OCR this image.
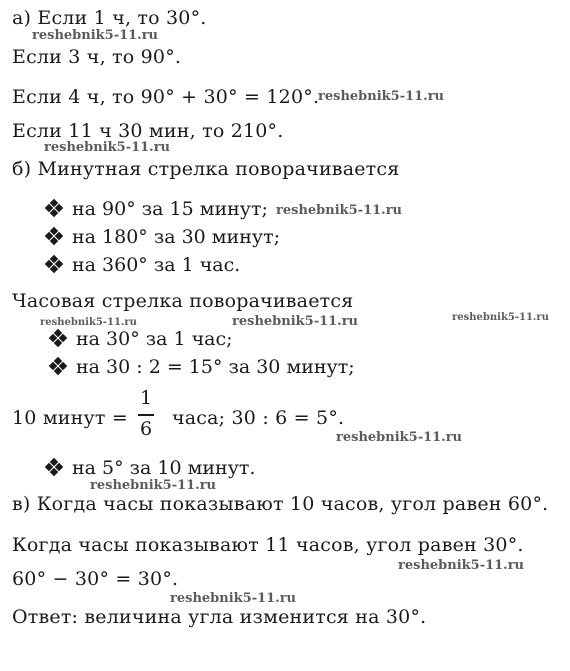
а) Если 1 ч, то 30°.
Если 3 ч, то 90°.
Если 4 ч, то 90° + 30° = 120°.
Если 11 ч 30 мин, то 210°.
б) Минутная стрелка поворачивается
на 90° за 15 минут;
на 180° за 30 минут;
на 360° за 1 час.
Часовая стрелка поворачивается
на 30° за 1 час;
на 30 : 2 = 15° за 30 минут;
10 минут =
1
6 часа; 30 : 6 = 5°.
на 5° за 10 минут.
в) Когда часы показывают 10 часов, угол равен 60°.
Когда часы показывают 11 часов, угол равен 30°.
60° − 30° = 30°.
Ответ: величина угла изменится на 30°.
reshebnik5-11.ru
reshebnik5-11.ru
reshebnik5-11.ru
reshebnik5-11.ru
reshebnik5-11.ru	reshebnik5-11.ru	reshebnik5-11.ru
reshebnik5-11.ru
reshebnik5-11.ru
reshebnik5-11.ru
reshebnik5-11.ru
